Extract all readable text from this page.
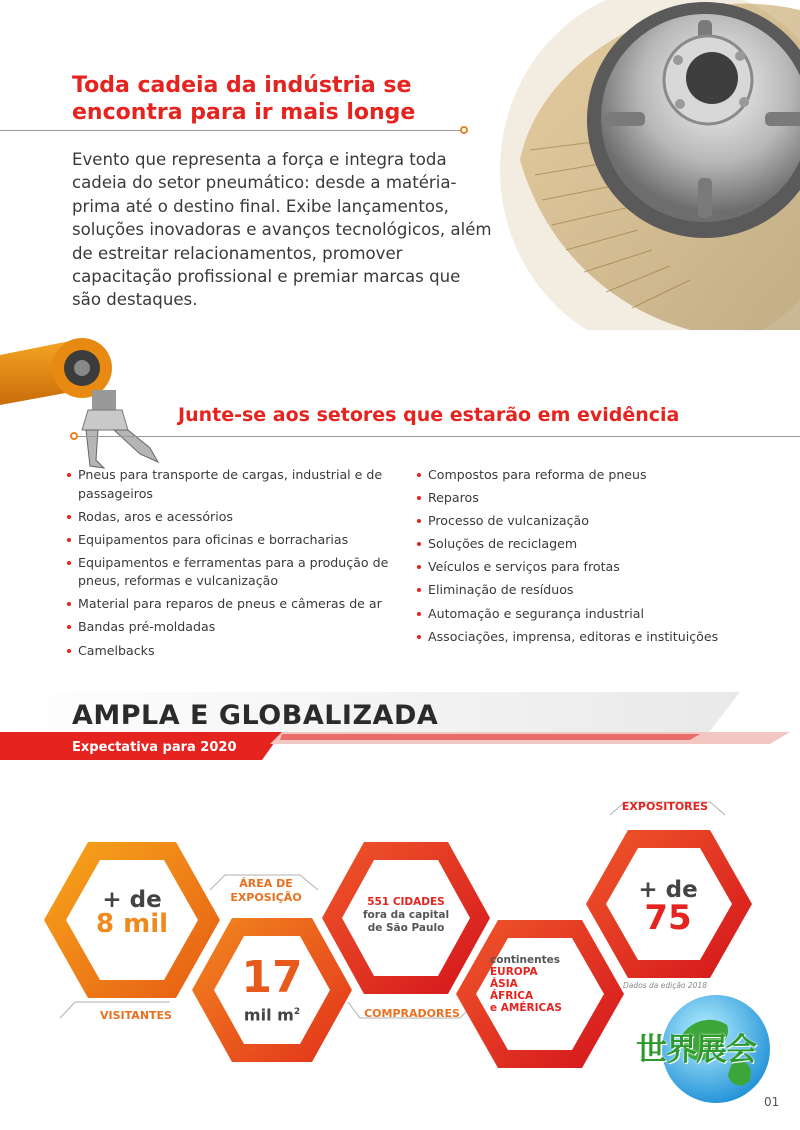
Toda cadeia da indústria se encontra para ir mais longe

Evento que representa a força e integra toda cadeia do setor pneumático: desde a matéria-prima até o destino final. Exibe lançamentos, soluções inovadoras e avanços tecnológicos, além de estreitar relacionamentos, promover capacitação profissional e premiar marcas que são destaques.

Junte-se aos setores que estarão em evidência
Pneus para transporte de cargas, industrial e de passageiros
Rodas, aros e acessórios
Equipamentos para oficinas e borracharias
Equipamentos e ferramentas para a produção de pneus, reformas e vulcanização
Material para reparos de pneus e câmeras de ar
Bandas pré-moldadas
Camelbacks
Compostos para reforma de pneus
Reparos
Processo de vulcanização
Soluções de reciclagem
Veículos e serviços para frotas
Eliminação de resíduos
Automação e segurança industrial
Associações, imprensa, editoras e instituições
AMPLA E GLOBALIZADA

Expectativa para 2020

+ de
8 mil
VISITANTES
ÁREA DE
EXPOSIÇÃO
17
mil $m^2$
551 CIDADES
fora da capital
de São Paulo
COMPRADORES
continentes
EUROPA
ÁSIA
ÁFRICA
e AMÉRICAS
EXPOSITORES
+ de
75
Dados da edição 2018
世界展会
01
